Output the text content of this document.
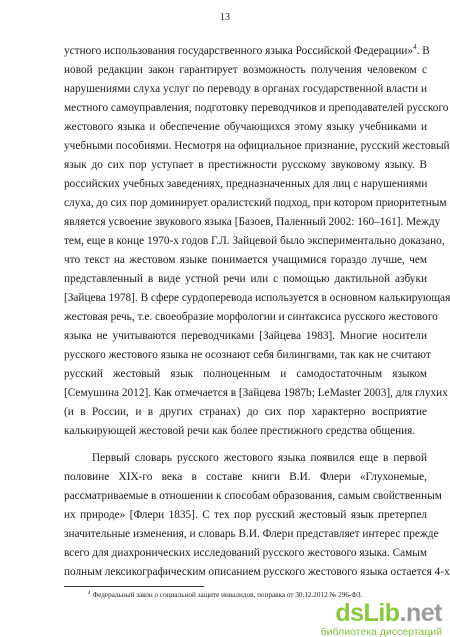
13
устного использования государственного языка Российской Федерации»$^4$. В
новой редакции закон гарантирует возможность получения человеком с
нарушениями слуха услуг по переводу в органах государственной власти и
местного самоуправления, подготовку переводчиков и преподавателей русского
жестового языка и обеспечение обучающихся этому языку учебниками и
учебными пособиями. Несмотря на официальное признание, русский жестовый
язык до сих пор уступает в престижности русскому звуковому языку. В
российских учебных заведениях, предназначенных для лиц с нарушениями
слуха, до сих пор доминирует оралистский подход, при котором приоритетным
является усвоение звукового языка [Базоев, Паленный 2002: 160–161]. Между
тем, еще в конце 1970-х годов Г.Л. Зайцевой было экспериментально доказано,
что текст на жестовом языке понимается учащимися гораздо лучше, чем
представленный в виде устной речи или с помощью дактильной азбуки
[Зайцева 1978]. В сфере сурдоперевода используется в основном калькирующая
жестовая речь, т.е. своеобразие морфологии и синтаксиса русского жестового
языка не учитываются переводчиками [Зайцева 1983]. Многие носители
русского жестового языка не осознают себя билингвами, так как не считают
русский жестовый язык полноценным и самодостаточным языком
[Семушина 2012]. Как отмечается в [Зайцева 1987b; LeMaster 2003], для глухих
(и в России, и в других странах) до сих пор характерно восприятие
калькирующей жестовой речи как более престижного средства общения.
Первый словарь русского жестового языка появился еще в первой
половине XIX-го века в составе книги В.И. Флери «Глухонемые,
рассматриваемые в отношении к способам образования, самым свойственным
их природе» [Флери 1835]. С тех пор русский жестовый язык претерпел
значительные изменения, и словарь В.И. Флери представляет интерес прежде
всего для диахронических исследований русского жестового языка. Самым
полным лексикографическим описанием русского жестового языка остается 4-х
$^4$ Федеральный закон о социальной защите инвалидов, поправка от 30.12.2012 № 296-ФЗ.
dsLib.net
библиотека диссертаций
